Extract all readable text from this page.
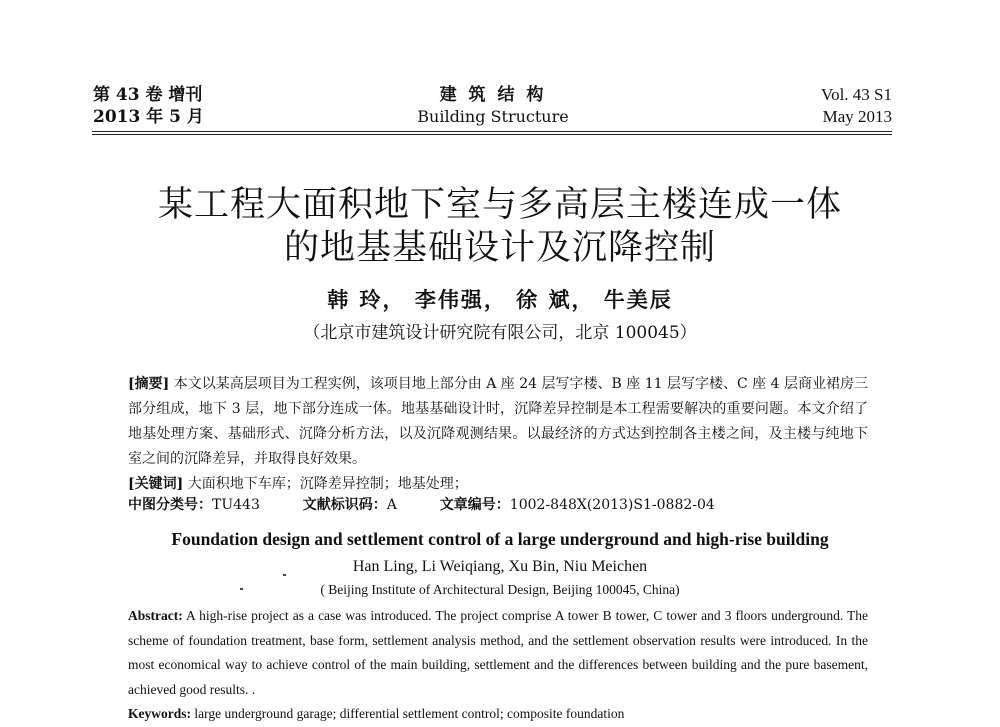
第 43 卷 增刊
2013 年 5 月
建 筑 结 构
Building Structure
Vol. 43 S1
May 2013
某工程大面积地下室与多高层主楼连成一体
的地基基础设计及沉降控制
韩 玲， 李伟强， 徐 斌， 牛美辰
（北京市建筑设计研究院有限公司，北京 100045）
[摘要] 本文以某高层项目为工程实例，该项目地上部分由 A 座 24 层写字楼、B 座 11 层写字楼、C 座 4 层商业裙房三部分组成，地下 3 层，地下部分连成一体。地基基础设计时，沉降差异控制是本工程需要解决的重要问题。本文介绍了地基处理方案、基础形式、沉降分析方法，以及沉降观测结果。以最经济的方式达到控制各主楼之间，及主楼与纯地下室之间的沉降差异，并取得良好效果。
[关键词] 大面积地下车库；沉降差异控制；地基处理；
中图分类号：TU443	文献标识码：A	文章编号：1002-848X(2013)S1-0882-04
Foundation design and settlement control of a large underground and high-rise building
Han Ling, Li Weiqiang, Xu Bin, Niu Meichen
( Beijing Institute of Architectural Design, Beijing 100045, China)
Abstract: A high-rise project as a case was introduced. The project comprise A tower B tower, C tower and 3 floors underground. The scheme of foundation treatment, base form, settlement analysis method, and the settlement observation results were introduced. In the most economical way to achieve control of the main building, settlement and the differences between building and the pure basement, achieved good results. .
Keywords: large underground garage; differential settlement control; composite foundation
